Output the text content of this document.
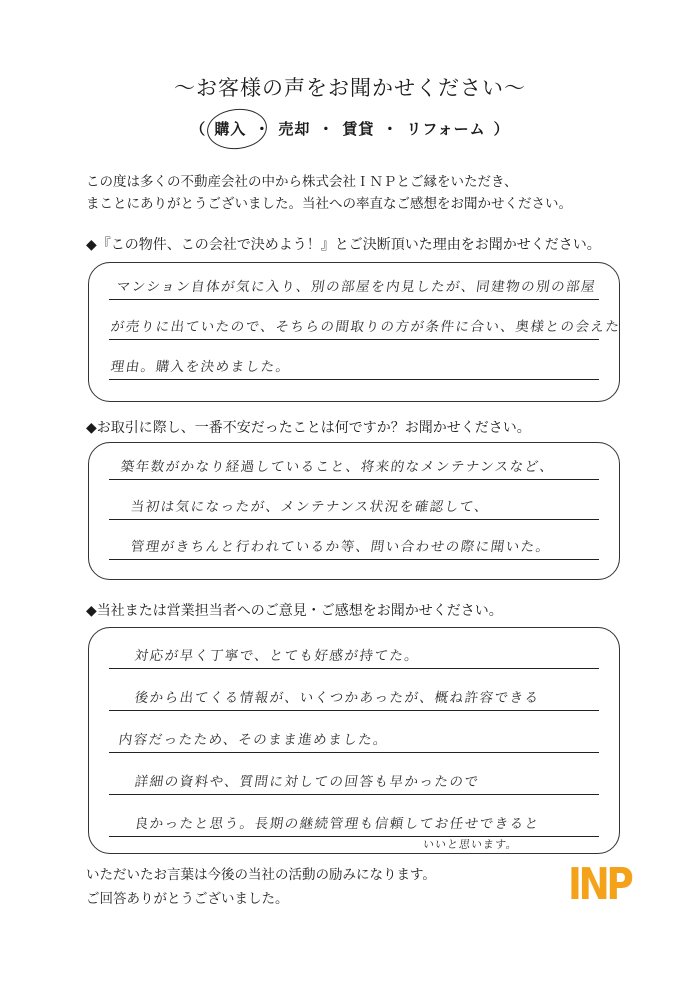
〜お客様の声をお聞かせください〜
（ 購入 ・ 売却 ・ 賃貸 ・ リフォーム ）
この度は多くの不動産会社の中から株式会社ＩＮＰとご縁をいただき、
まことにありがとうございました。当社への率直なご感想をお聞かせください。
◆『この物件、この会社で決めよう！』とご決断頂いた理由をお聞かせください。
マンション自体が気に入り、別の部屋を内見したが、同建物の別の部屋
が売りに出ていたので、そちらの間取りの方が条件に合い、奥様との会えた
理由。購入を決めました。
◆お取引に際し、一番不安だったことは何ですか？お聞かせください。
築年数がかなり経過していること、将来的なメンテナンスなど、
当初は気になったが、メンテナンス状況を確認して、
管理がきちんと行われているか等、問い合わせの際に聞いた。
◆当社または営業担当者へのご意見・ご感想をお聞かせください。
対応が早く丁寧で、とても好感が持てた。
後から出てくる情報が、いくつかあったが、概ね許容できる
内容だったため、そのまま進めました。
詳細の資料や、質問に対しての回答も早かったので
良かったと思う。長期の継続管理も信頼してお任せできると
いいと思います。
いただいたお言葉は今後の当社の活動の励みになります。
ご回答ありがとうございました。	INP
